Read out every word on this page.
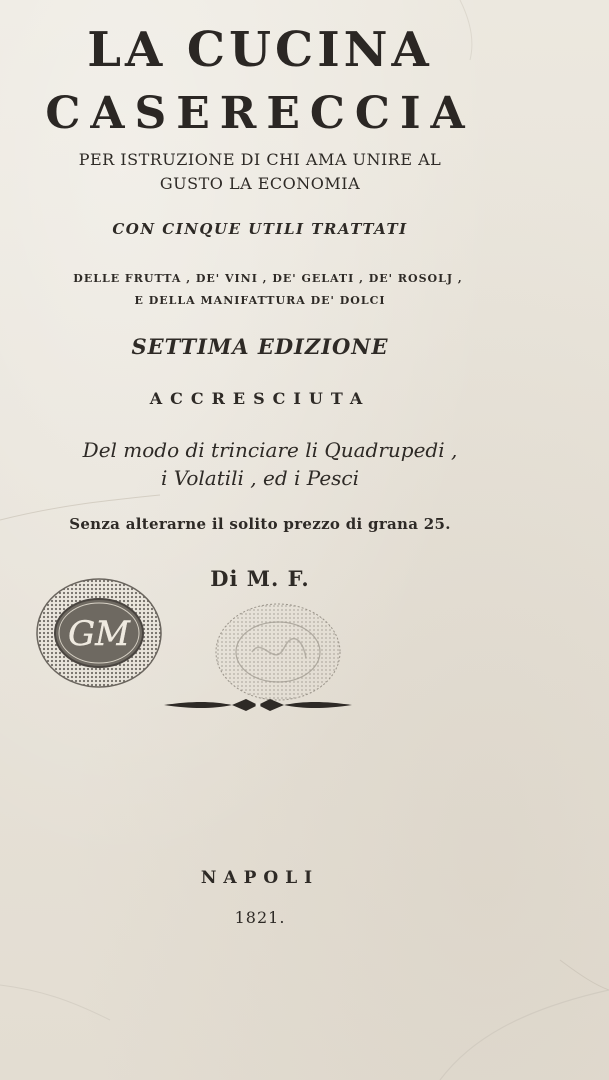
LA CUCINA
CASERECCIA
PER ISTRUZIONE DI CHI AMA UNIRE AL
GUSTO LA ECONOMIA
CON CINQUE UTILI TRATTATI
DELLE FRUTTA , DE' VINI , DE' GELATI , DE' ROSOLJ ,
E DELLA MANIFATTURA DE' DOLCI
SETTIMA EDIZIONE
ACCRESCIUTA
Del modo di trinciare li Quadrupedi ,
i Volatili , ed i Pesci
Senza alterarne il solito prezzo di grana 25.
Di M. F.
GM
NAPOLI
1821.
